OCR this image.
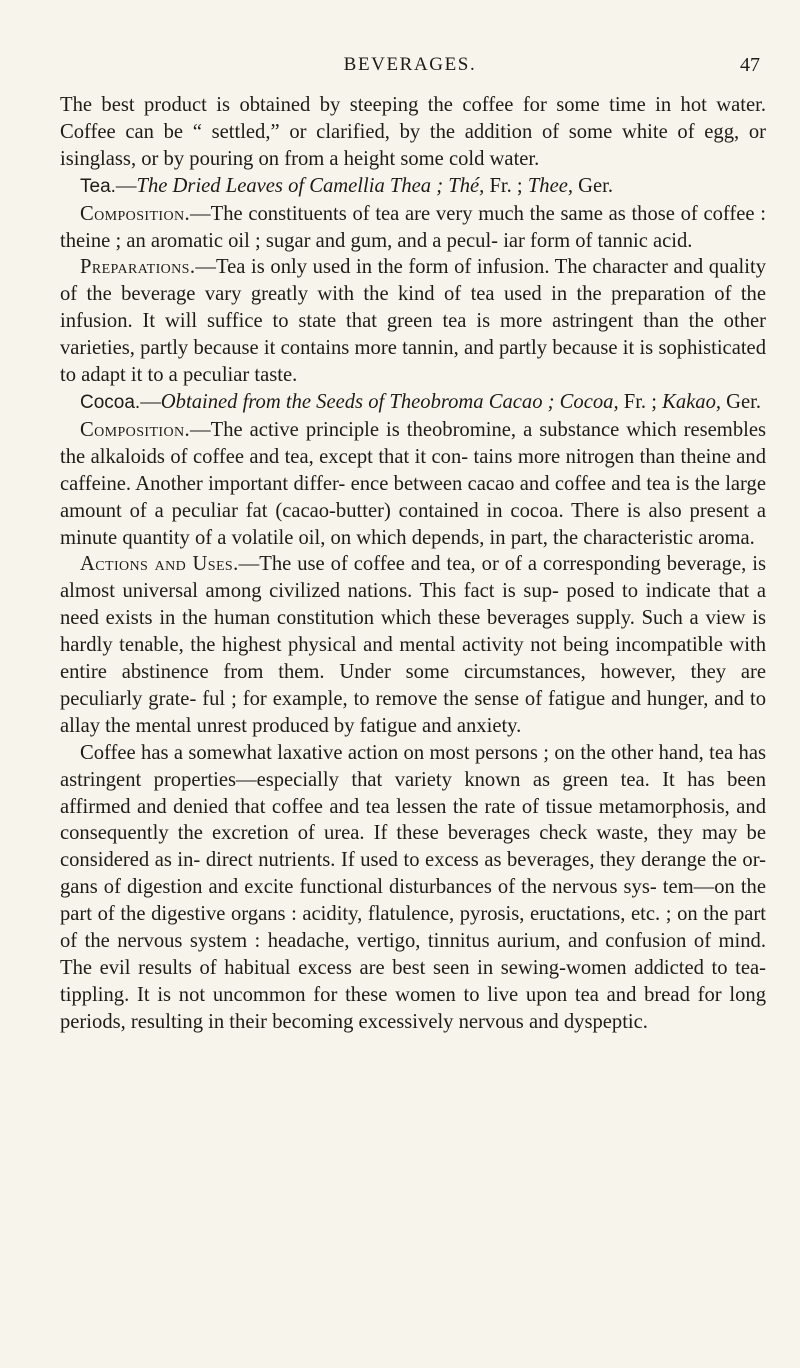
BEVERAGES.	47

The best product is obtained by steeping the coffee for some time in hot water. Coffee can be “ settled,” or clarified, by the addition of some white of egg, or isinglass, or by pouring on from a height some cold water.

Tea.—The Dried Leaves of Camellia Thea ; Thé, Fr. ; Thee, Ger.

Composition.—The constituents of tea are very much the same as those of coffee : theine ; an aromatic oil ; sugar and gum, and a pecul- iar form of tannic acid.

Preparations.—Tea is only used in the form of infusion. The character and quality of the beverage vary greatly with the kind of tea used in the preparation of the infusion. It will suffice to state that green tea is more astringent than the other varieties, partly because it contains more tannin, and partly because it is sophisticated to adapt it to a peculiar taste.

Cocoa.—Obtained from the Seeds of Theobroma Cacao ; Cocoa, Fr. ; Kakao, Ger.

Composition.—The active principle is theobromine, a substance which resembles the alkaloids of coffee and tea, except that it con- tains more nitrogen than theine and caffeine. Another important differ- ence between cacao and coffee and tea is the large amount of a peculiar fat (cacao-butter) contained in cocoa. There is also present a minute quantity of a volatile oil, on which depends, in part, the characteristic aroma.

Actions and Uses.—The use of coffee and tea, or of a corresponding beverage, is almost universal among civilized nations. This fact is sup- posed to indicate that a need exists in the human constitution which these beverages supply. Such a view is hardly tenable, the highest physical and mental activity not being incompatible with entire abstinence from them. Under some circumstances, however, they are peculiarly grate- ful ; for example, to remove the sense of fatigue and hunger, and to allay the mental unrest produced by fatigue and anxiety.

Coffee has a somewhat laxative action on most persons ; on the other hand, tea has astringent properties—especially that variety known as green tea. It has been affirmed and denied that coffee and tea lessen the rate of tissue metamorphosis, and consequently the excretion of urea. If these beverages check waste, they may be considered as in- direct nutrients. If used to excess as beverages, they derange the or- gans of digestion and excite functional disturbances of the nervous sys- tem—on the part of the digestive organs : acidity, flatulence, pyrosis, eructations, etc. ; on the part of the nervous system : headache, vertigo, tinnitus aurium, and confusion of mind. The evil results of habitual excess are best seen in sewing-women addicted to tea-tippling. It is not uncommon for these women to live upon tea and bread for long periods, resulting in their becoming excessively nervous and dyspeptic.
